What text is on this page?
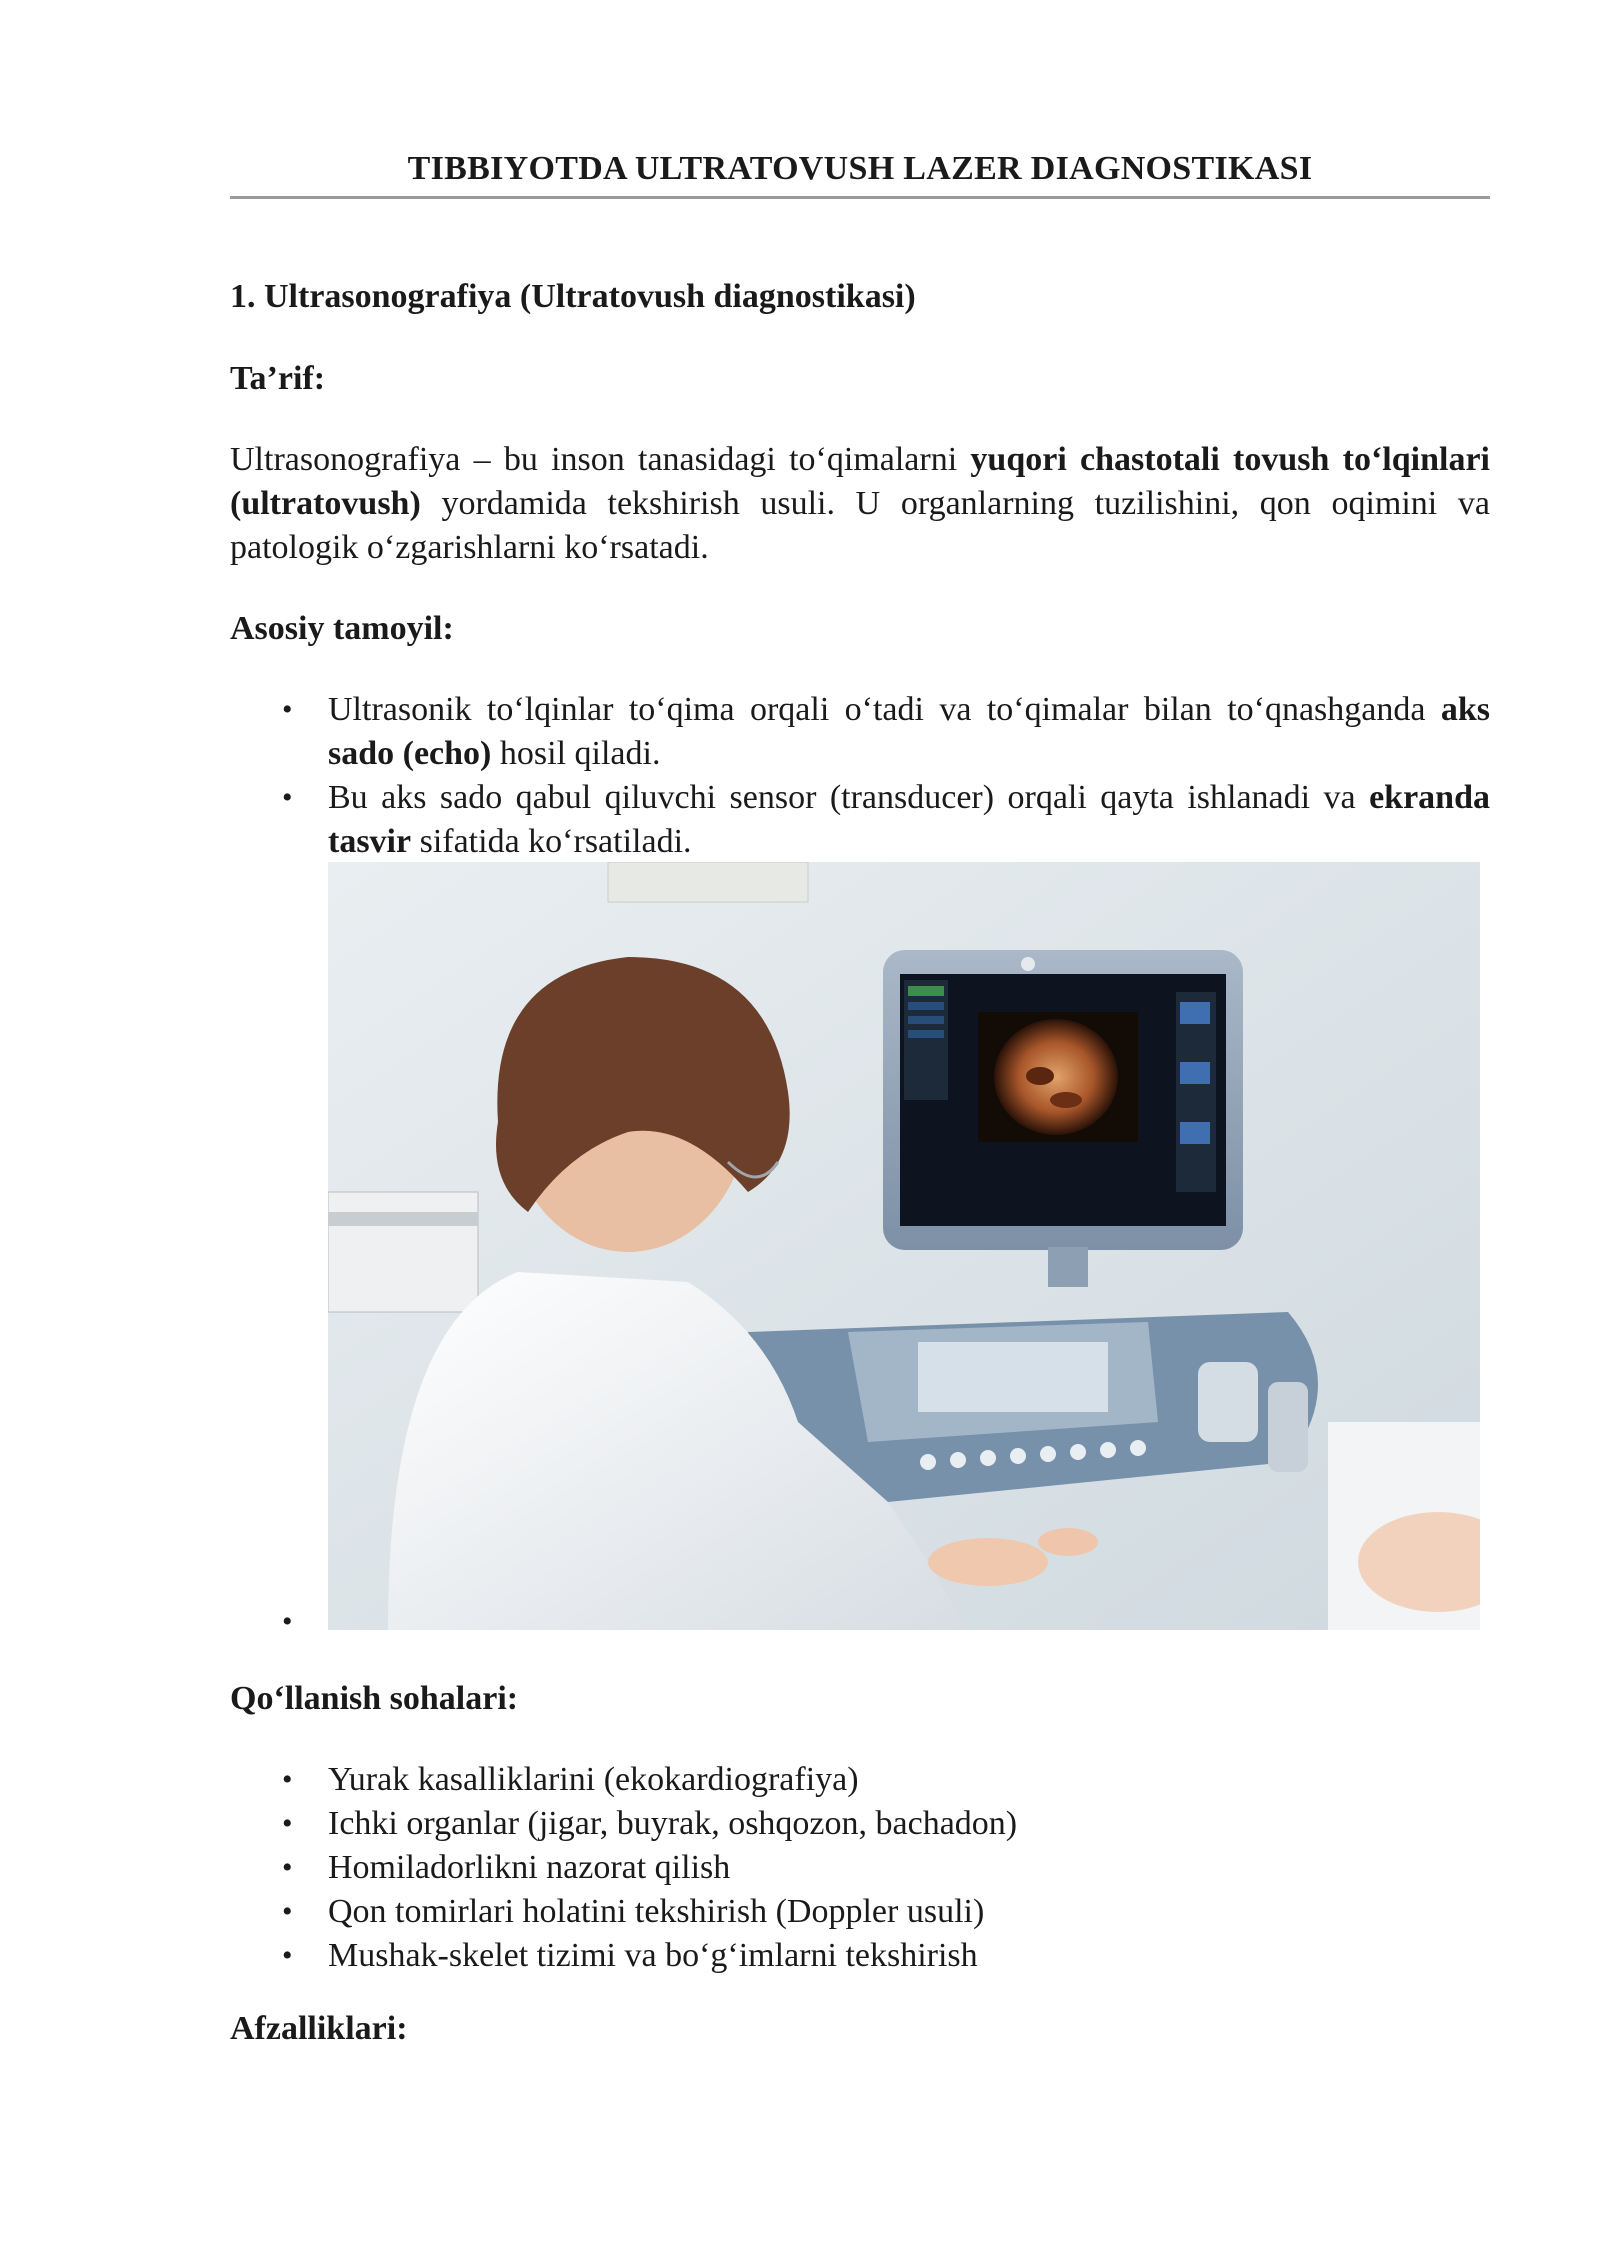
TIBBIYOTDA ULTRATOVUSH LAZER DIAGNOSTIKASI
1. Ultrasonografiya (Ultratovush diagnostikasi)
Ta’rif:

Ultrasonografiya – bu inson tanasidagi to‘qimalarni yuqori chastotali tovush to‘lqinlari (ultratovush) yordamida tekshirish usuli. U organlarning tuzilishini, qon oqimini va patologik o‘zgarishlarni ko‘rsatadi.

Asosiy tamoyil:
• Ultrasonik to‘lqinlar to‘qima orqali o‘tadi va to‘qimalar bilan to‘qnashganda aks sado (echo) hosil qiladi.
• Bu aks sado qabul qiluvchi sensor (transducer) orqali qayta ishlanadi va ekranda tasvir sifatida ko‘rsatiladi.
•
Qo‘llanish sohalari:
• Yurak kasalliklarini (ekokardiografiya)
• Ichki organlar (jigar, buyrak, oshqozon, bachadon)
• Homiladorlikni nazorat qilish
• Qon tomirlari holatini tekshirish (Doppler usuli)
• Mushak-skelet tizimi va bo‘g‘imlarni tekshirish
Afzalliklari:
